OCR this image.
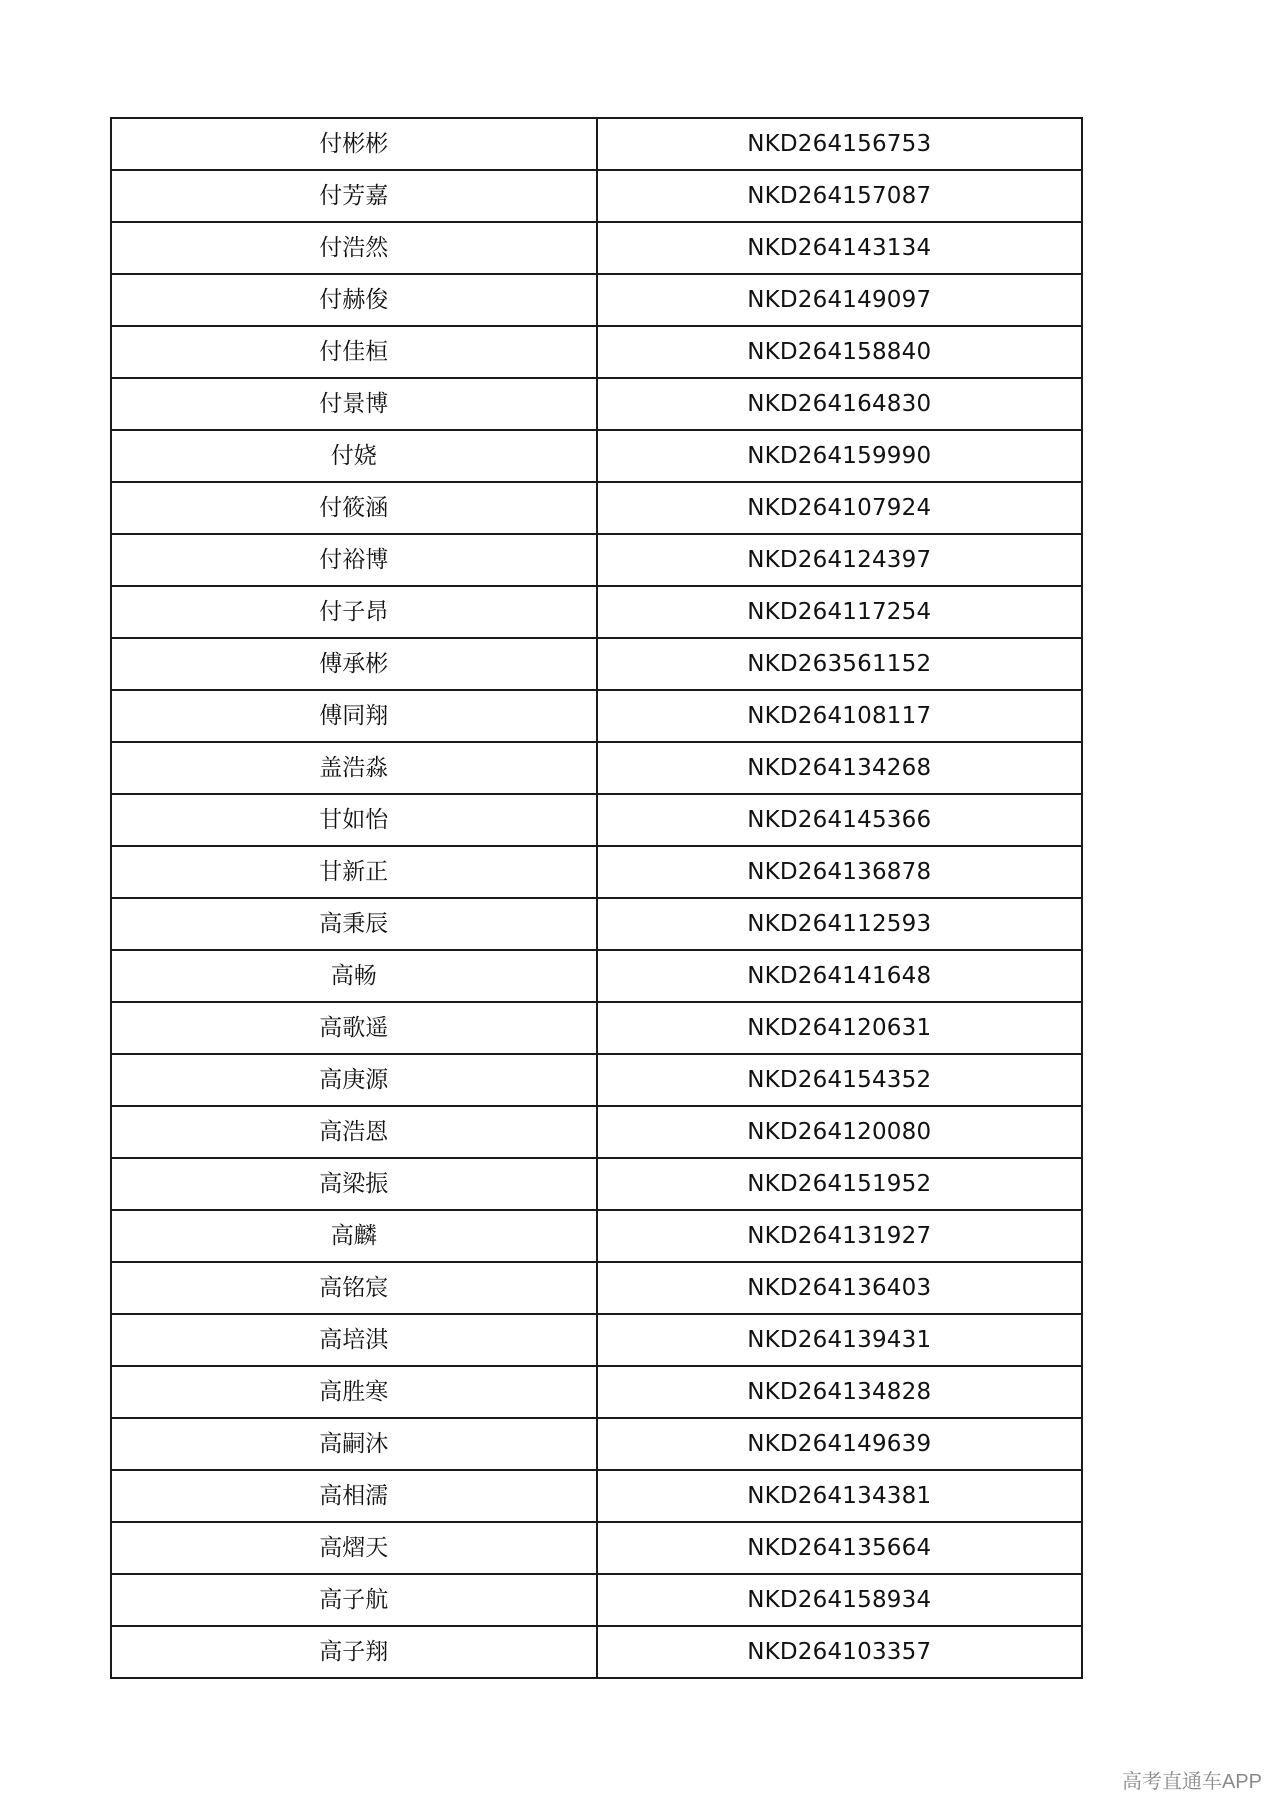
付彬彬	NKD264156753
付芳嘉	NKD264157087
付浩然	NKD264143134
付赫俊	NKD264149097
付佳桓	NKD264158840
付景博	NKD264164830
付娆	NKD264159990
付筱涵	NKD264107924
付裕博	NKD264124397
付子昂	NKD264117254
傅承彬	NKD263561152
傅同翔	NKD264108117
盖浩淼	NKD264134268
甘如怡	NKD264145366
甘新正	NKD264136878
高秉辰	NKD264112593
高畅	NKD264141648
高歌遥	NKD264120631
高庚源	NKD264154352
高浩恩	NKD264120080
高梁振	NKD264151952
高麟	NKD264131927
高铭宸	NKD264136403
高培淇	NKD264139431
高胜寒	NKD264134828
高嗣沐	NKD264149639
高相濡	NKD264134381
高熠天	NKD264135664
高子航	NKD264158934
高子翔	NKD264103357
高考直通车APP
